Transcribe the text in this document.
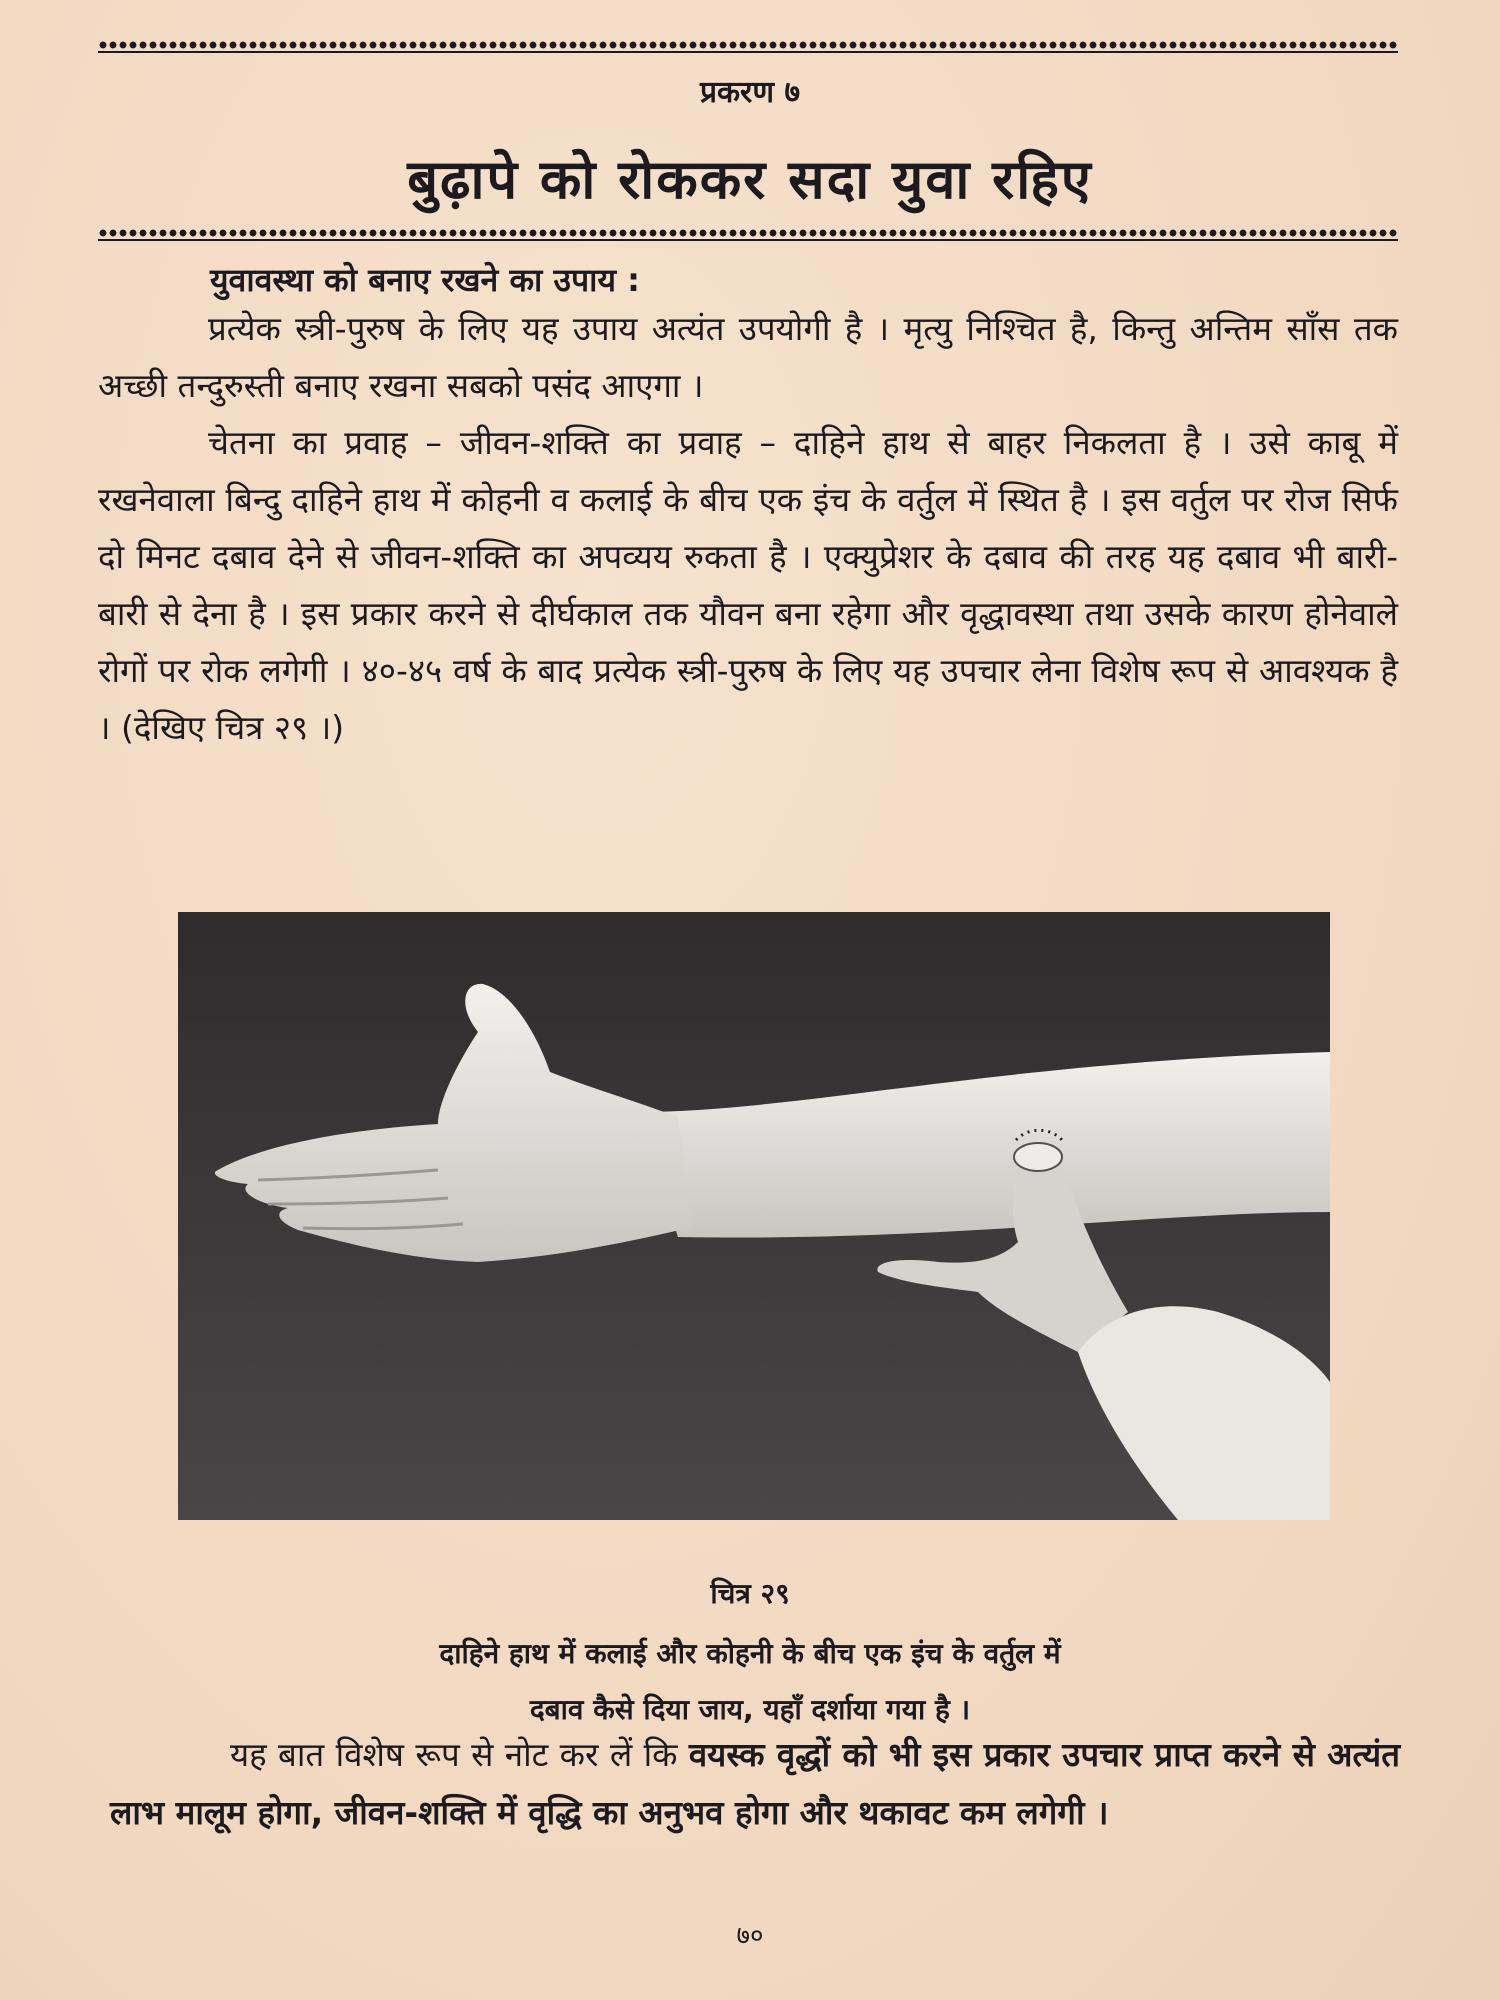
प्रकरण ७
बुढ़ापे को रोककर सदा युवा रहिए
युवावस्था को बनाए रखने का उपाय :

प्रत्येक स्त्री-पुरुष के लिए यह उपाय अत्यंत उपयोगी है । मृत्यु निश्चित है, किन्तु अन्तिम साँस तक अच्छी तन्दुरुस्ती बनाए रखना सबको पसंद आएगा ।

चेतना का प्रवाह – जीवन-शक्ति का प्रवाह – दाहिने हाथ से बाहर निकलता है । उसे काबू में रखनेवाला बिन्दु दाहिने हाथ में कोहनी व कलाई के बीच एक इंच के वर्तुल में स्थित है । इस वर्तुल पर रोज सिर्फ दो मिनट दबाव देने से जीवन-शक्ति का अपव्यय रुकता है । एक्युप्रेशर के दबाव की तरह यह दबाव भी बारी-बारी से देना है । इस प्रकार करने से दीर्घकाल तक यौवन बना रहेगा और वृद्धावस्था तथा उसके कारण होनेवाले रोगों पर रोक लगेगी । ४०-४५ वर्ष के बाद प्रत्येक स्त्री-पुरुष के लिए यह उपचार लेना विशेष रूप से आवश्यक है । (देखिए चित्र २९ ।)

चित्र २९
दाहिने हाथ में कलाई और कोहनी के बीच एक इंच के वर्तुल में
दबाव कैसे दिया जाय, यहाँ दर्शाया गया है ।

यह बात विशेष रूप से नोट कर लें कि वयस्क वृद्धों को भी इस प्रकार उपचार प्राप्त करने से अत्यंत लाभ मालूम होगा, जीवन-शक्ति में वृद्धि का अनुभव होगा और थकावट कम लगेगी ।

७०
